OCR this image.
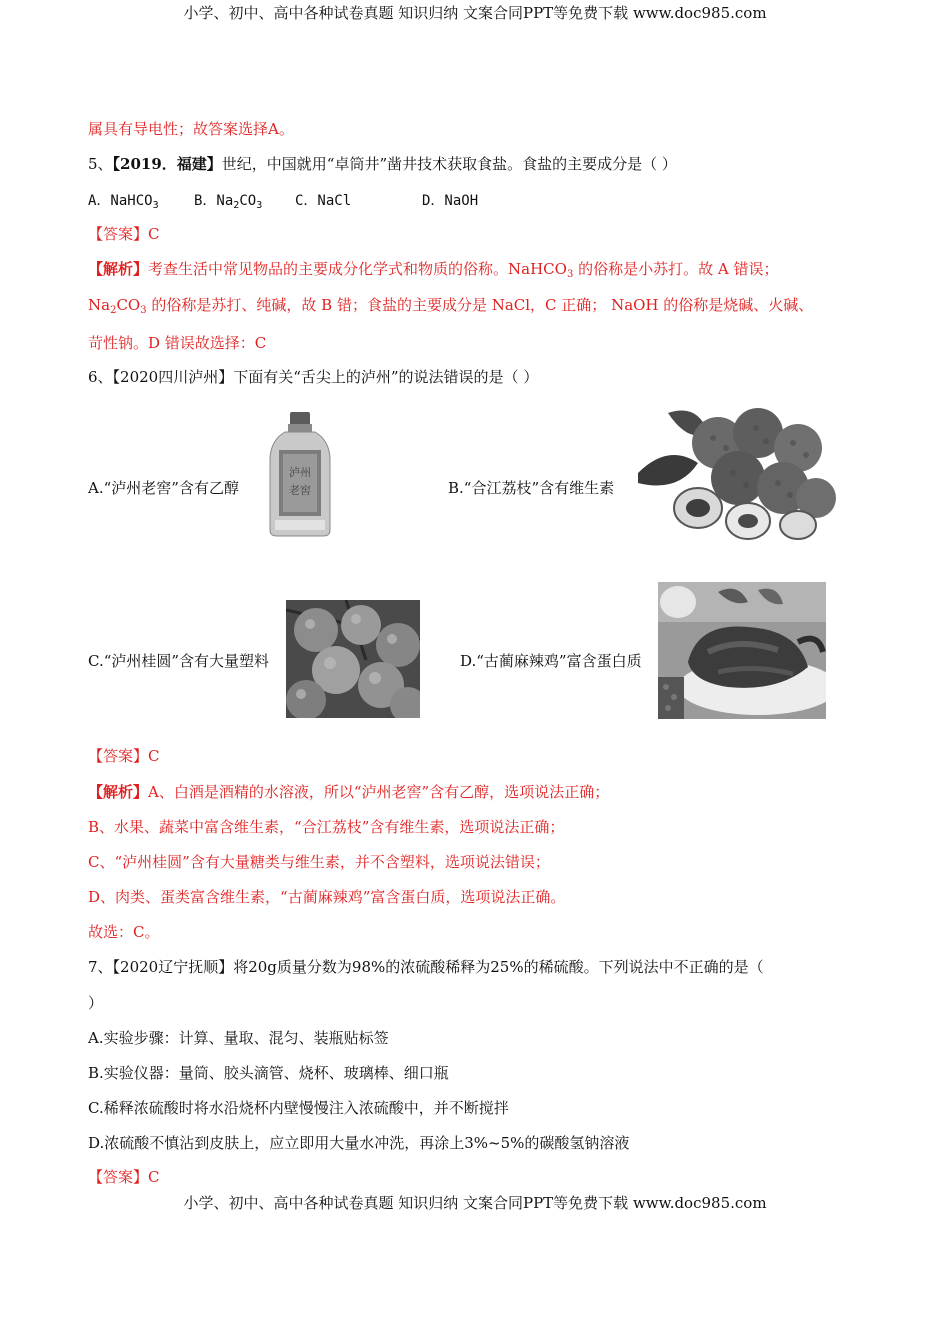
小学、初中、高中各种试卷真题 知识归纳 文案合同PPT等免费下载 www.doc985.com
属具有导电性；故答案选择A。
5、【2019．福建】世纪，中国就用“卓筒井”凿井技术获取食盐。食盐的主要成分是（ ）
A．NaHCO$_3$	B．$Na_2CO_3$ C．NaCl	D．NaOH
【答案】C
【解析】考查生活中常见物品的主要成分化学式和物质的俗称。NaHCO$_3$ 的俗称是小苏打。故 A 错误；
$Na_2CO_3$ 的俗称是苏打、纯碱，故 B 错；食盐的主要成分是 NaCl，C 正确； NaOH 的俗称是烧碱、火碱、
苛性钠。D 错误故选择：C
6、【2020四川泸州】下面有关“舌尖上的泸州”的说法错误的是（ ）
A.“泸州老窖”含有乙醇
泸州
老窖	B.“合江荔枝”含有维生素
C.“泸州桂圆”含有大量塑料	D.“古蔺麻辣鸡”富含蛋白质
【答案】C
【解析】A、白酒是酒精的水溶液，所以“泸州老窖”含有乙醇，选项说法正确；
B、水果、蔬菜中富含维生素，“合江荔枝”含有维生素，选项说法正确；
C、“泸州桂圆”含有大量糖类与维生素，并不含塑料，选项说法错误；
D、肉类、蛋类富含维生素，“古蔺麻辣鸡”富含蛋白质，选项说法正确。
故选：C。
7、【2020辽宁抚顺】将20g质量分数为98%的浓硫酸稀释为25%的稀硫酸。下列说法中不正确的是（
）
A.实验步骤：计算、量取、混匀、装瓶贴标签
B.实验仪器：量筒、胶头滴管、烧杯、玻璃棒、细口瓶
C.稀释浓硫酸时将水沿烧杯内壁慢慢注入浓硫酸中，并不断搅拌
D.浓硫酸不慎沾到皮肤上，应立即用大量水冲洗，再涂上3%~5%的碳酸氢钠溶液
【答案】C
小学、初中、高中各种试卷真题 知识归纳 文案合同PPT等免费下载 www.doc985.com
